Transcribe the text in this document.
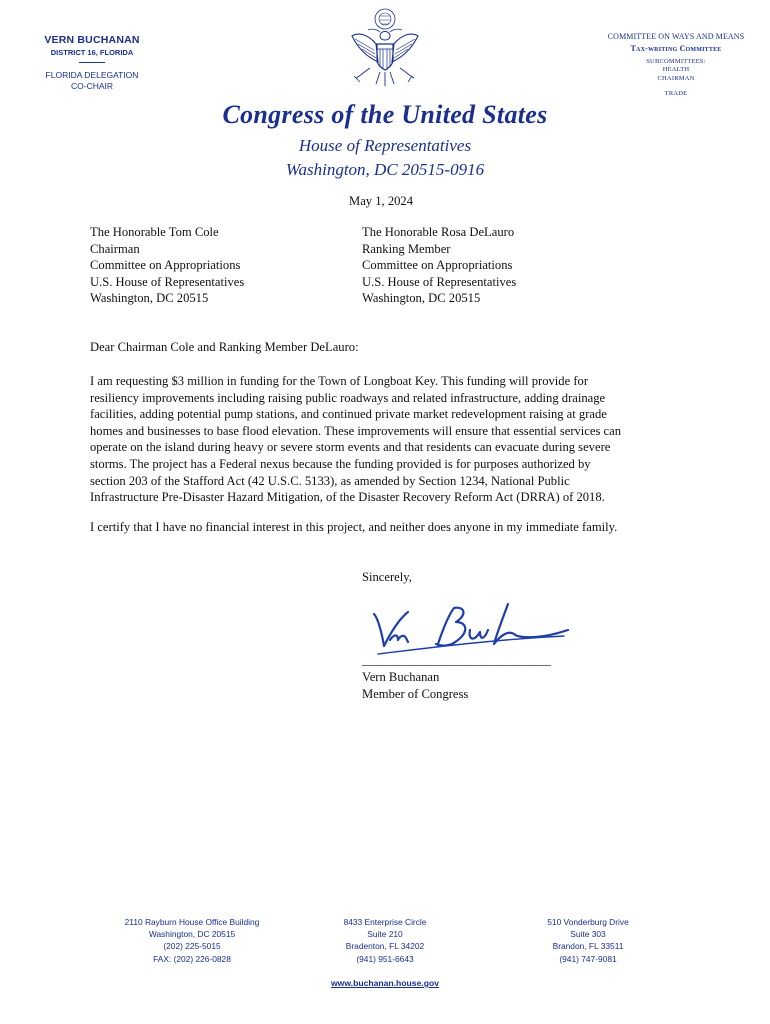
VERN BUCHANAN
DISTRICT 16, FLORIDA
FLORIDA DELEGATION
CO-CHAIR
COMMITTEE ON WAYS AND MEANS
Tax-writing Committee
SUBCOMMITTEES:
HEALTH
CHAIRMAN
TRADE
Congress of the United States
House of Representatives
Washington, DC 20515-0916
May 1, 2024
The Honorable Tom Cole
Chairman
Committee on Appropriations
U.S. House of Representatives
Washington, DC 20515
The Honorable Rosa DeLauro
Ranking Member
Committee on Appropriations
U.S. House of Representatives
Washington, DC 20515
Dear Chairman Cole and Ranking Member DeLauro:
I am requesting $3 million in funding for the Town of Longboat Key. This funding will provide for
resiliency improvements including raising public roadways and related infrastructure, adding drainage
facilities, adding potential pump stations, and continued private market redevelopment raising at grade
homes and businesses to base flood elevation. These improvements will ensure that essential services can
operate on the island during heavy or severe storm events and that residents can evacuate during severe
storms. The project has a Federal nexus because the funding provided is for purposes authorized by
section 203 of the Stafford Act (42 U.S.C. 5133), as amended by Section 1234, National Public
Infrastructure Pre-Disaster Hazard Mitigation, of the Disaster Recovery Reform Act (DRRA) of 2018.
I certify that I have no financial interest in this project, and neither does anyone in my immediate family.
Sincerely,
______________________________
Vern Buchanan
Member of Congress
2110 Rayburn House Office Building
Washington, DC 20515
(202) 225-5015
FAX: (202) 226-0828
8433 Enterprise Circle
Suite 210
Bradenton, FL 34202
(941) 951-6643
510 Vonderburg Drive
Suite 303
Brandon, FL 33511
(941) 747-9081
www.buchanan.house.gov
